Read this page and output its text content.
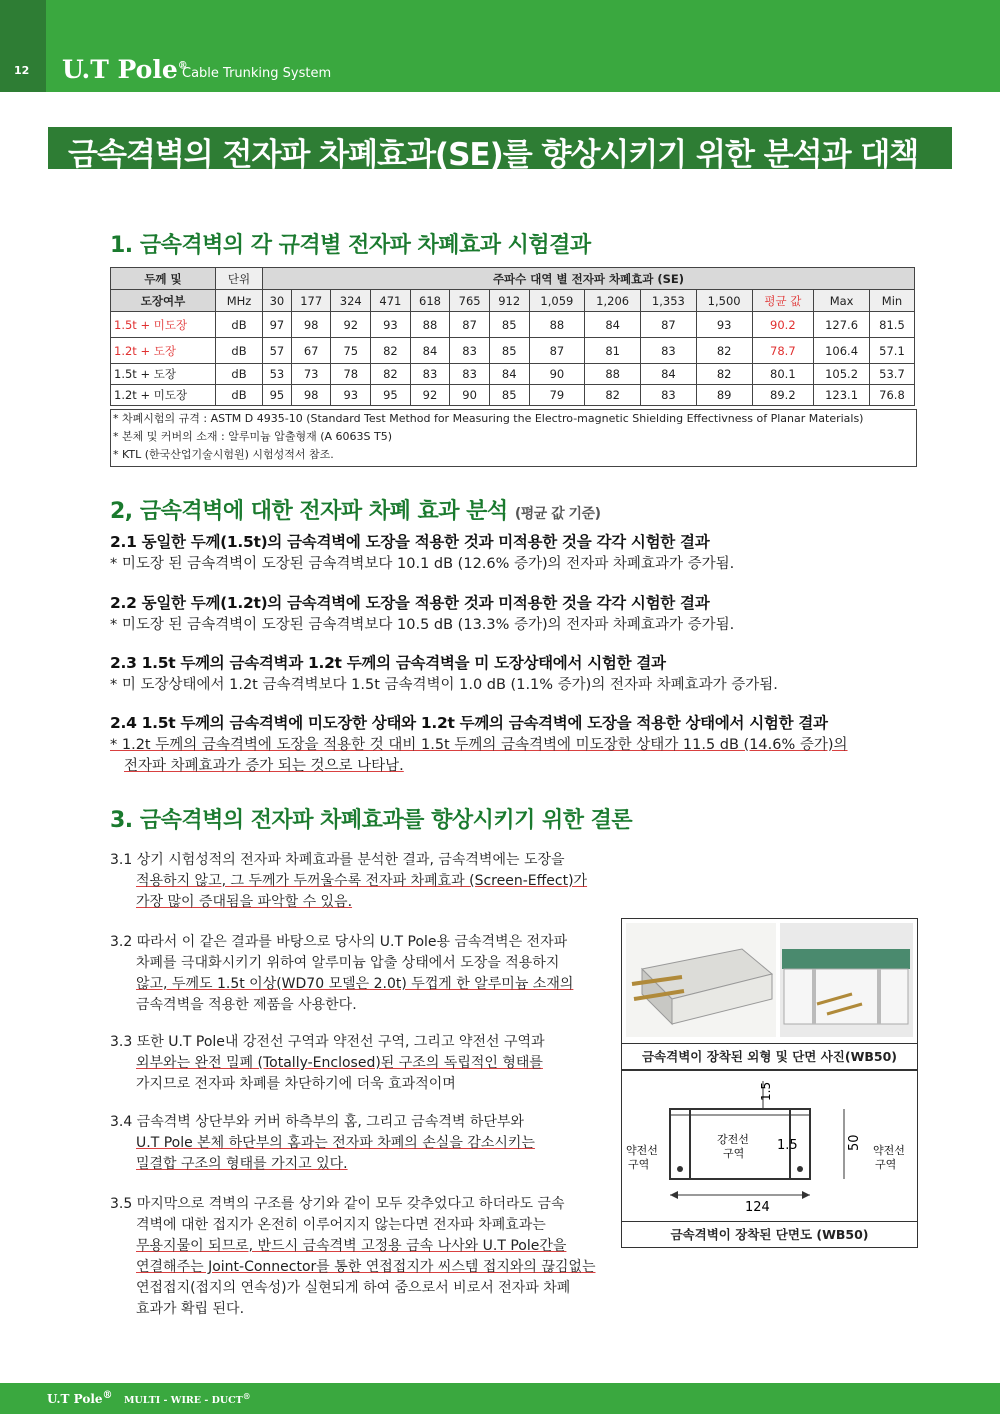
12 U.T Pole®
Cable Trunking System
금속격벽의 전자파 차폐효과(SE)를 향상시키기 위한 분석과 대책
1. 금속격벽의 각 규격별 전자파 차폐효과 시험결과
두께 및	단위	주파수 대역 별 전자파 차폐효과 (SE)													
도장여부	MHz	30	177	324	471	618	765	912	1,059	1,206	1,353	1,500	평균 값	Max	Min
1.5t + 미도장	dB	97	98	92	93	88	87	85	88	84	87	93	90.2	127.6	81.5
1.2t + 도장	dB	57	67	75	82	84	83	85	87	81	83	82	78.7	106.4	57.1
1.5t + 도장	dB	53	73	78	82	83	83	84	90	88	84	82	80.1	105.2	53.7
1.2t + 미도장	dB	95	98	93	95	92	90	85	79	82	83	89	89.2	123.1	76.8
* 차폐시험의 규격 : ASTM D 4935-10 (Standard Test Method for Measuring the Electro-magnetic Shielding Effectivness of Planar Materials)
* 본체 및 커버의 소재 : 알루미늄 압출형재 (A 6063S T5)
* KTL (한국산업기술시험원) 시험성적서 참조.
2, 금속격벽에 대한 전자파 차폐 효과 분석 (평균 값 기준)
2.1 동일한 두께(1.5t)의 금속격벽에 도장을 적용한 것과 미적용한 것을 각각 시험한 결과
* 미도장 된 금속격벽이 도장된 금속격벽보다 10.1 dB (12.6% 증가)의 전자파 차폐효과가 증가됨.
2.2 동일한 두께(1.2t)의 금속격벽에 도장을 적용한 것과 미적용한 것을 각각 시험한 결과
* 미도장 된 금속격벽이 도장된 금속격벽보다 10.5 dB (13.3% 증가)의 전자파 차폐효과가 증가됨.
2.3 1.5t 두께의 금속격벽과 1.2t 두께의 금속격벽을 미 도장상태에서 시험한 결과
* 미 도장상태에서 1.2t 금속격벽보다 1.5t 금속격벽이 1.0 dB (1.1% 증가)의 전자파 차폐효과가 증가됨.
2.4 1.5t 두께의 금속격벽에 미도장한 상태와 1.2t 두께의 금속격벽에 도장을 적용한 상태에서 시험한 결과
* 1.2t 두께의 금속격벽에 도장을 적용한 것 대비 1.5t 두께의 금속격벽에 미도장한 상태가 11.5 dB (14.6% 증가)의
전자파 차폐효과가 증가 되는 것으로 나타남.
3. 금속격벽의 전자파 차폐효과를 향상시키기 위한 결론
3.1 상기 시험성적의 전자파 차폐효과를 분석한 결과, 금속격벽에는 도장을
적용하지 않고, 그 두께가 두꺼울수록 전자파 차폐효과 (Screen-Effect)가
가장 많이 증대됨을 파악할 수 있음.
3.2 따라서 이 같은 결과를 바탕으로 당사의 U.T Pole용 금속격벽은 전자파
차폐를 극대화시키기 위하여 알루미늄 압출 상태에서 도장을 적용하지
않고, 두께도 1.5t 이상(WD70 모델은 2.0t) 두껍게 한 알루미늄 소재의
금속격벽을 적용한 제품을 사용한다.
3.3 또한 U.T Pole내 강전선 구역과 약전선 구역, 그리고 약전선 구역과
외부와는 완전 밀폐 (Totally-Enclosed)된 구조의 독립적인 형태를
가지므로 전자파 차폐를 차단하기에 더욱 효과적이며
3.4 금속격벽 상단부와 커버 하측부의 홈, 그리고 금속격벽 하단부와
U.T Pole 본체 하단부의 홈과는 전자파 차폐의 손실을 감소시키는
밀결합 구조의 형태를 가지고 있다.
3.5 마지막으로 격벽의 구조를 상기와 같이 모두 갖추었다고 하더라도 금속
격벽에 대한 접지가 온전히 이루어지지 않는다면 전자파 차폐효과는
무용지물이 되므로, 반드시 금속격벽 고정용 금속 나사와 U.T Pole간을
연결해주는 Joint-Connector를 통한 연접접지가 씨스템 접지와의 끊김없는
연접접지(접지의 연속성)가 실현되게 하여 줌으로서 비로서 전자파 차폐
효과가 확립 된다.
금속격벽이 장착된 외형 및 단면 사진(WB50)
1.5
강전선
구역
1.5
약전선
구역
약전선
구역
50
124
금속격벽이 장착된 단면도 (WB50)
U.T Pole® MULTI - WIRE - DUCT®
